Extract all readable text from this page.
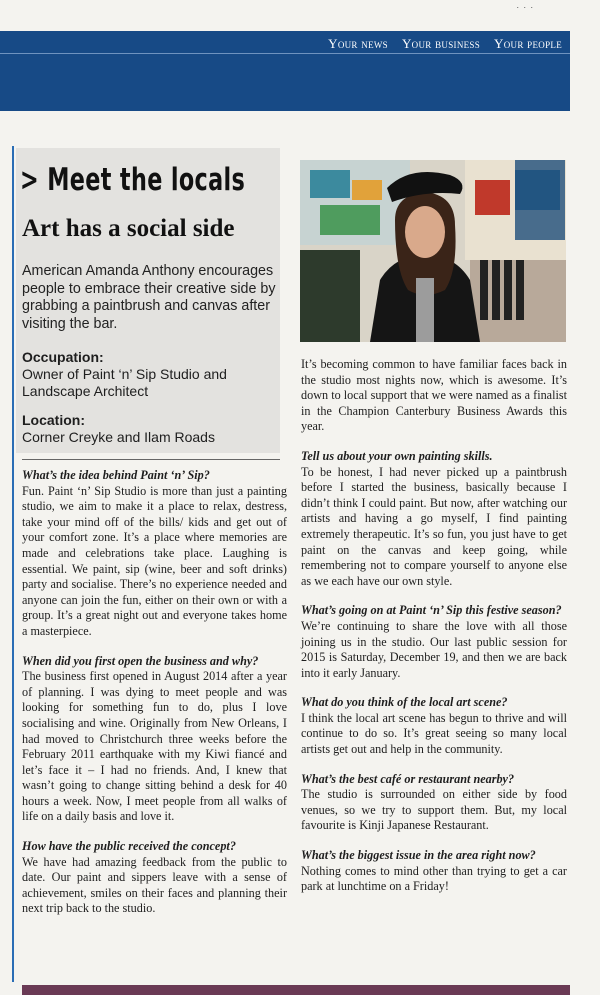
. . .
Your news Your business Your people
> Meet the locals
Art has a social side
American Amanda Anthony encourages people to embrace their creative side by grabbing a paintbrush and canvas after visiting the bar.
Occupation:
Owner of Paint ‘n’ Sip Studio and Landscape Architect
Location:
Corner Creyke and Ilam Roads

What’s the idea behind Paint ‘n’ Sip?

Fun. Paint ‘n’ Sip Studio is more than just a painting studio, we aim to make it a place to relax, destress, take your mind off of the bills/ kids and get out of your comfort zone. It’s a place where memories are made and celebrations take place. Laughing is essential. We paint, sip (wine, beer and soft drinks) party and socialise. There’s no experience needed and anyone can join the fun, either on their own or with a group. It’s a great night out and everyone takes home a masterpiece.

When did you first open the business and why?

The business first opened in August 2014 after a year of planning. I was dying to meet people and was looking for something fun to do, plus I love socialising and wine. Originally from New Orleans, I had moved to Christchurch three weeks before the February 2011 earthquake with my Kiwi fiancé and let’s face it – I had no friends. And, I knew that wasn’t going to change sitting behind a desk for 40 hours a week. Now, I meet people from all walks of life on a daily basis and love it.

How have the public received the concept?

We have had amazing feedback from the public to date. Our paint and sippers leave with a sense of achievement, smiles on their faces and planning their next trip back to the studio.

It’s becoming common to have familiar faces back in the studio most nights now, which is awesome. It’s down to local support that we were named as a finalist in the Champion Canterbury Business Awards this year.

Tell us about your own painting skills.

To be honest, I had never picked up a paintbrush before I started the business, basically because I didn’t think I could paint. But now, after watching our artists and having a go myself, I find painting extremely therapeutic. It’s so fun, you just have to get paint on the canvas and keep going, while remembering not to compare yourself to anyone else as we each have our own style.

What’s going on at Paint ‘n’ Sip this festive season?

We’re continuing to share the love with all those joining us in the studio. Our last public session for 2015 is Saturday, December 19, and then we are back into it early January.

What do you think of the local art scene?

I think the local art scene has begun to thrive and will continue to do so. It’s great seeing so many local artists get out and help in the community.

What’s the best café or restaurant nearby?

The studio is surrounded on either side by food venues, so we try to support them. But, my local favourite is Kinji Japanese Restaurant.

What’s the biggest issue in the area right now?

Nothing comes to mind other than trying to get a car park at lunchtime on a Friday!
